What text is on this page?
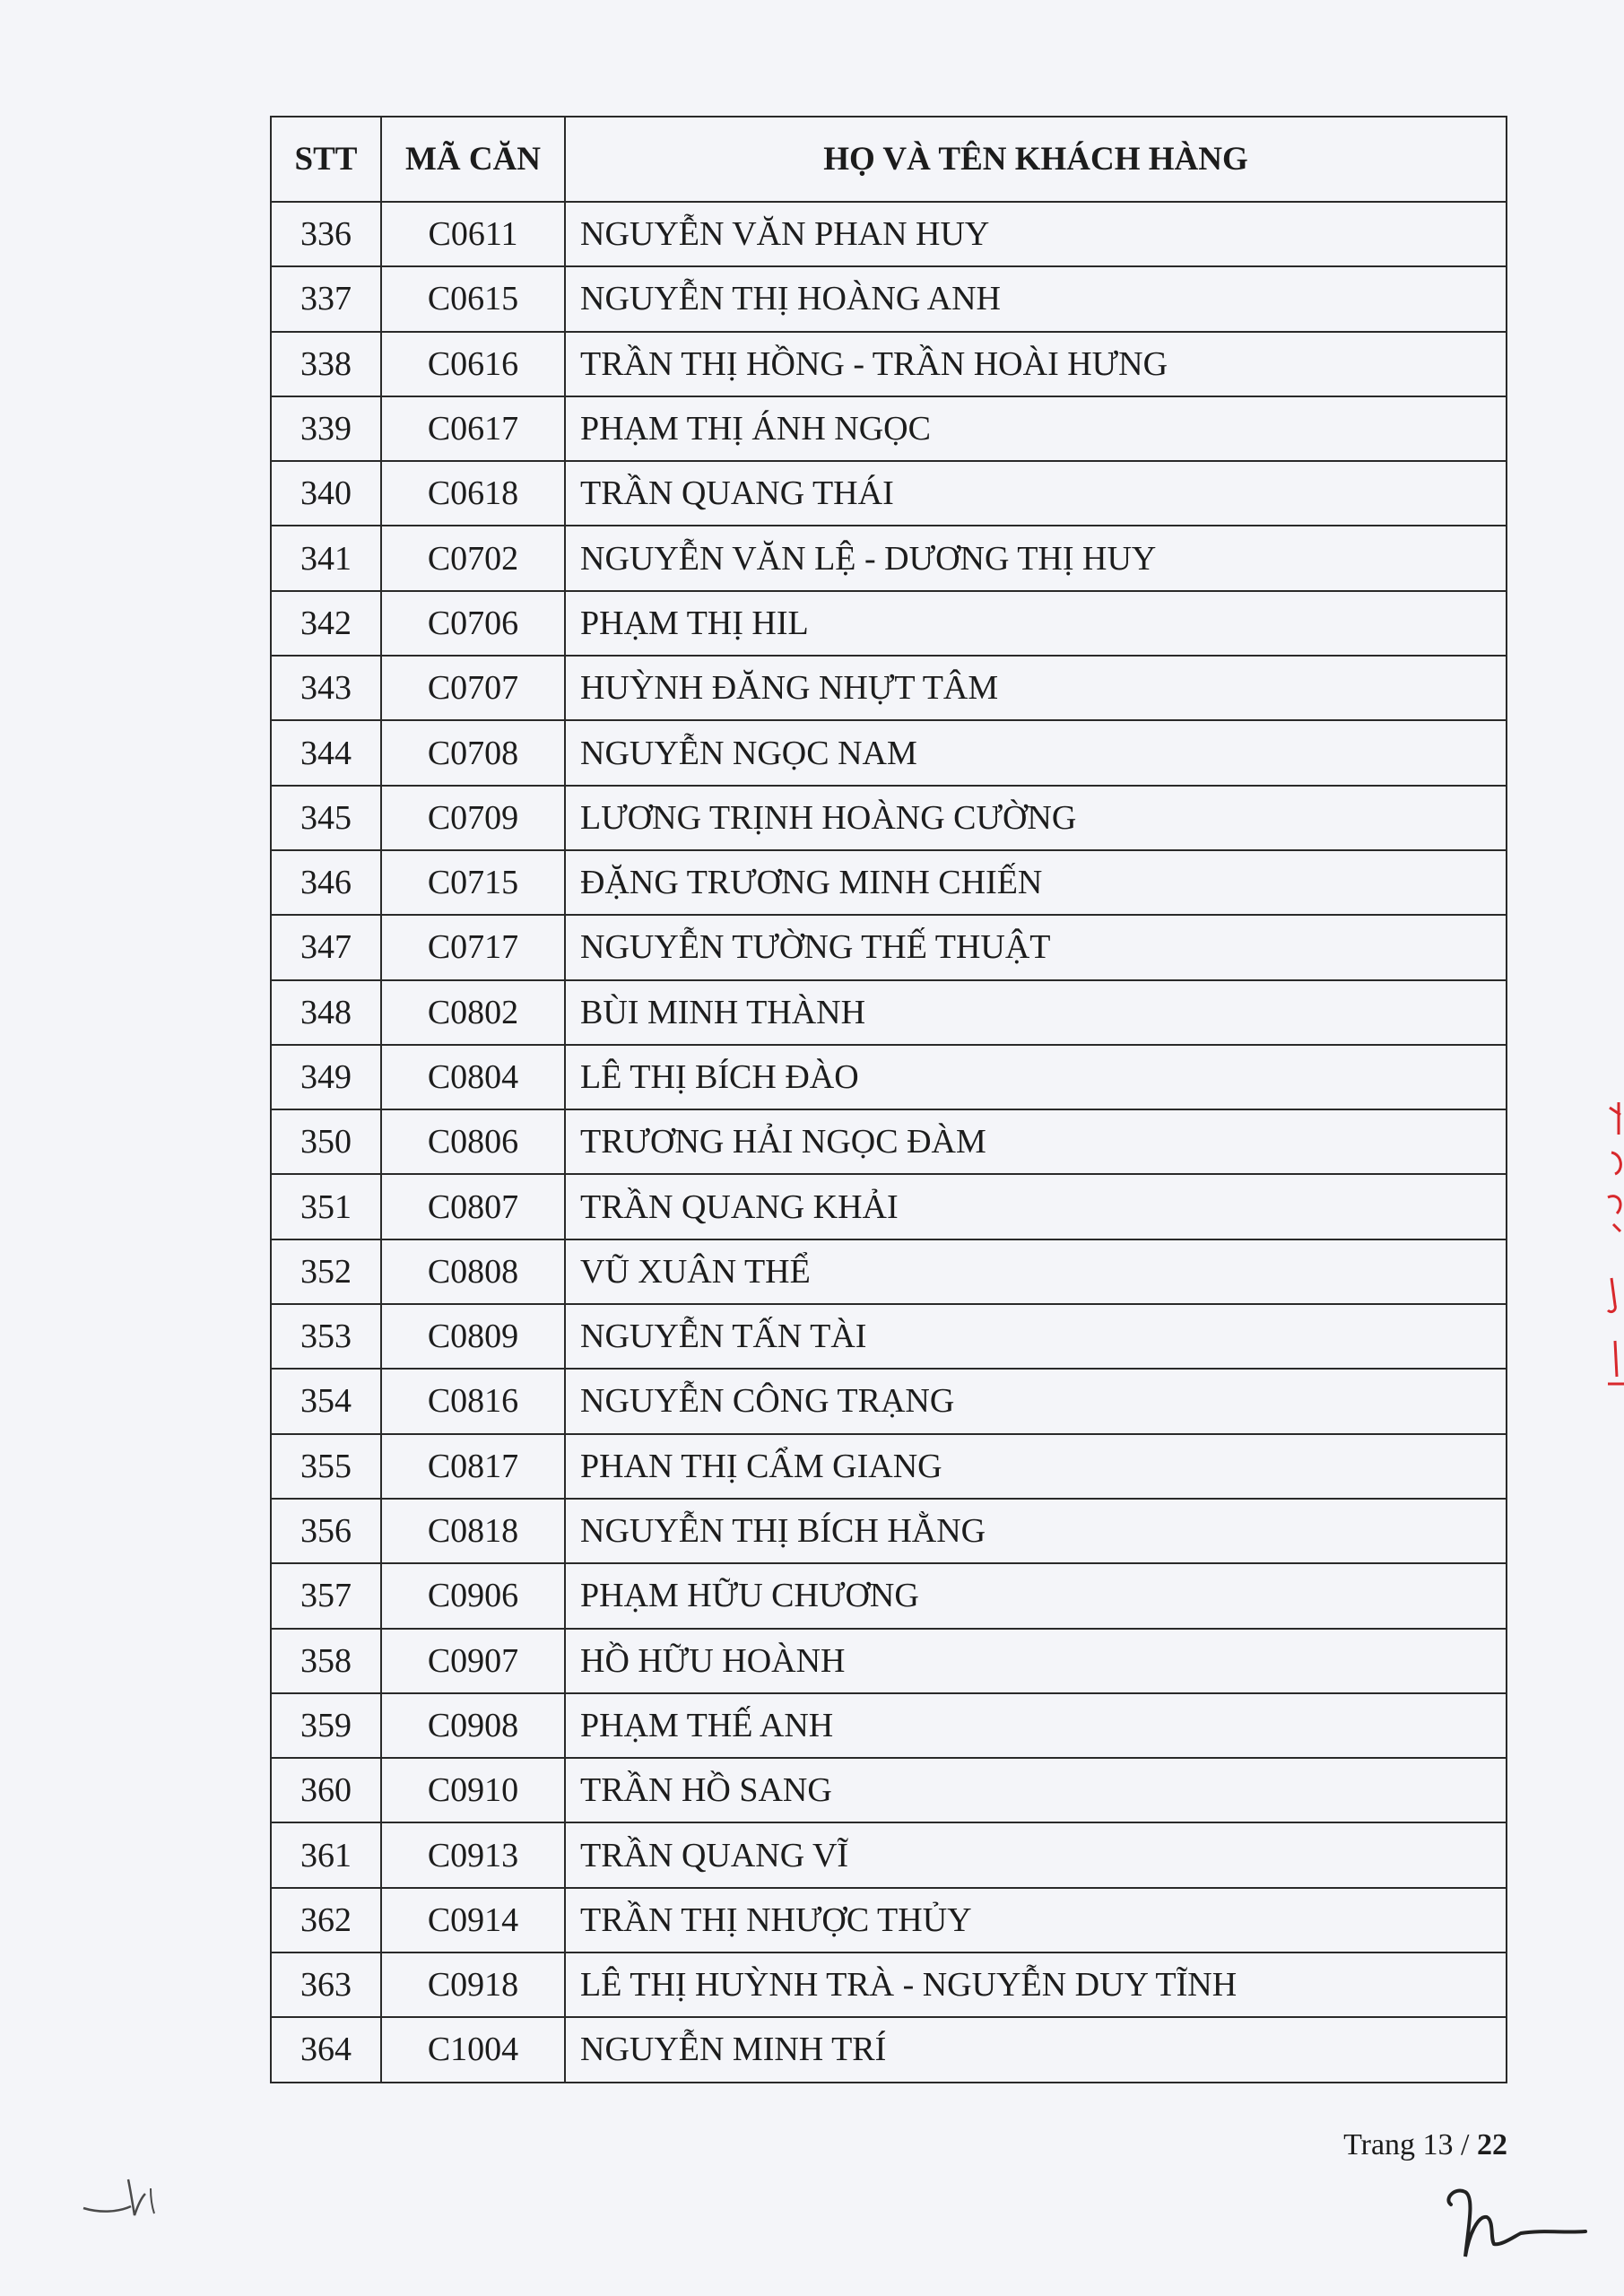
STT	MÃ CĂN	HỌ VÀ TÊN KHÁCH HÀNG
336	C0611	NGUYỄN VĂN PHAN HUY
337	C0615	NGUYỄN THỊ HOÀNG ANH
338	C0616	TRẦN THỊ HỒNG - TRẦN HOÀI HƯNG
339	C0617	PHẠM THỊ ÁNH NGỌC
340	C0618	TRẦN QUANG THÁI
341	C0702	NGUYỄN VĂN LỆ - DƯƠNG THỊ HUY
342	C0706	PHẠM THỊ HIL
343	C0707	HUỲNH ĐĂNG NHỰT TÂM
344	C0708	NGUYỄN NGỌC NAM
345	C0709	LƯƠNG TRỊNH HOÀNG CƯỜNG
346	C0715	ĐẶNG TRƯƠNG MINH CHIẾN
347	C0717	NGUYỄN TƯỜNG THẾ THUẬT
348	C0802	BÙI MINH THÀNH
349	C0804	LÊ THỊ BÍCH ĐÀO
350	C0806	TRƯƠNG HẢI NGỌC ĐÀM
351	C0807	TRẦN QUANG KHẢI
352	C0808	VŨ XUÂN THỂ
353	C0809	NGUYỄN TẤN TÀI
354	C0816	NGUYỄN CÔNG TRẠNG
355	C0817	PHAN THỊ CẨM GIANG
356	C0818	NGUYỄN THỊ BÍCH HẰNG
357	C0906	PHẠM HỮU CHƯƠNG
358	C0907	HỒ HỮU HOÀNH
359	C0908	PHẠM THẾ ANH
360	C0910	TRẦN HỒ SANG
361	C0913	TRẦN QUANG VĨ
362	C0914	TRẦN THỊ NHƯỢC THỦY
363	C0918	LÊ THỊ HUỲNH TRÀ - NGUYỄN DUY TĨNH
364	C1004	NGUYỄN MINH TRÍ
Trang 13 / 22
